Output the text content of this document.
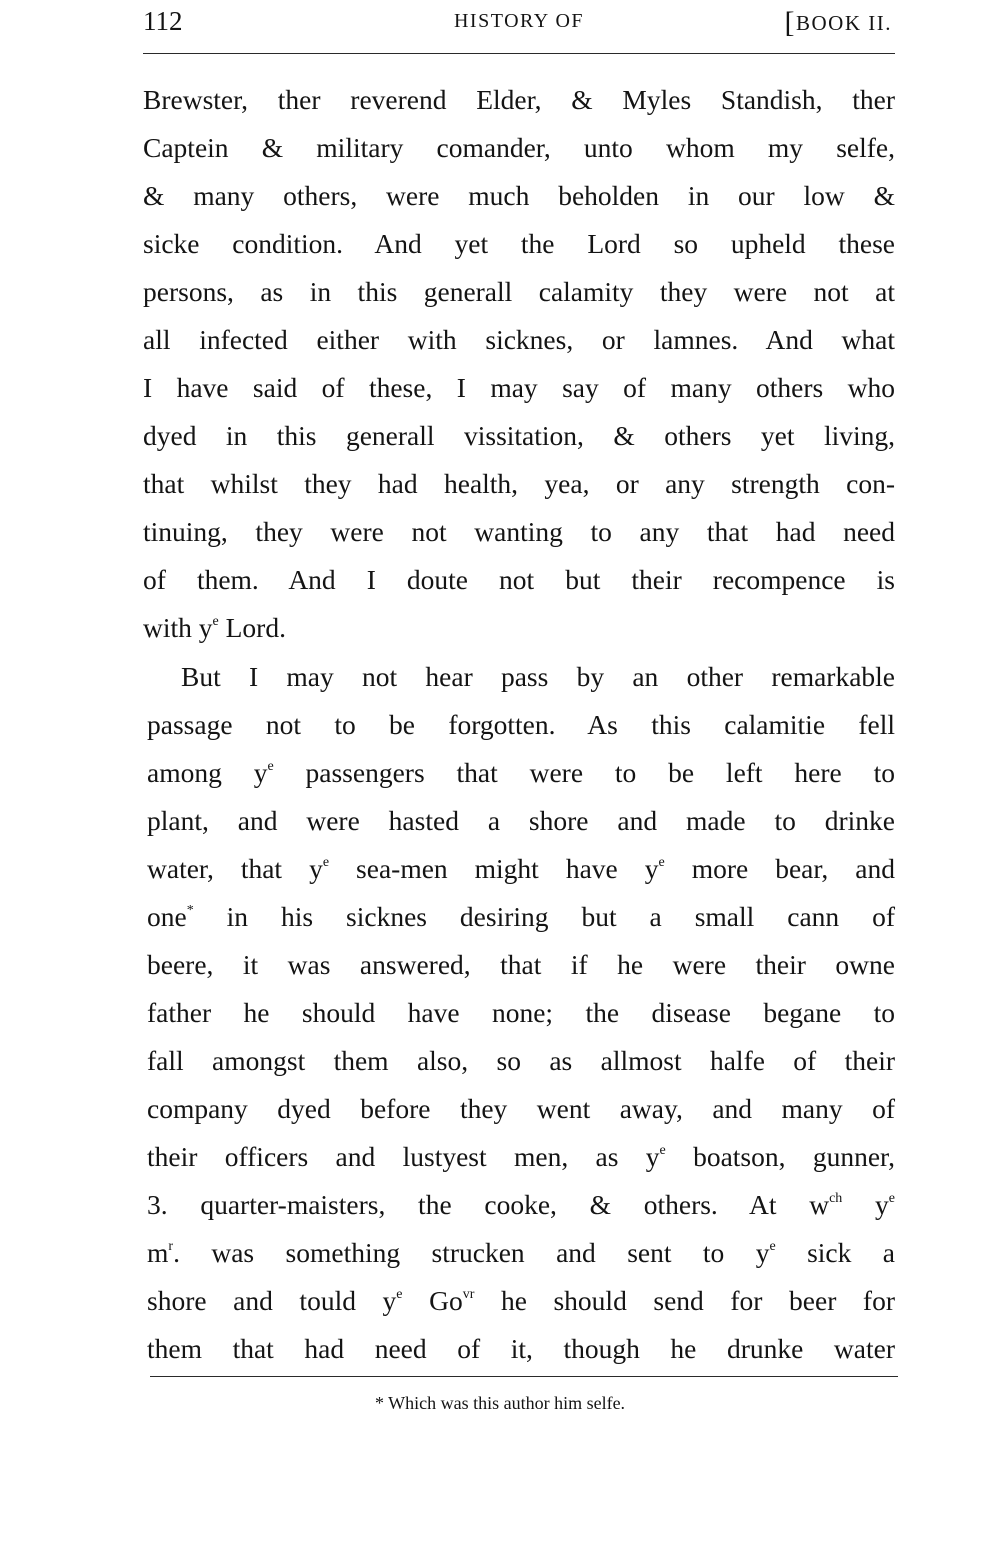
112	HISTORY OF	[BOOK II.
Brewster, ther reverend Elder, & Myles Standish, ther
Captein & military comander, unto whom my selfe,
& many others, were much beholden in our low &
sicke condition. And yet the Lord so upheld these
persons, as in this generall calamity they were not at
all infected either with sicknes, or lamnes. And what
I have said of these, I may say of many others who
dyed in this generall vissitation, & others yet living,
that whilst they had health, yea, or any strength con-
tinuing, they were not wanting to any that had need
of them. And I doute not but their recompence is
with $y^e$ Lord.
But I may not hear pass by an other remarkable
passage not to be forgotten. As this calamitie fell
among $y^e$ passengers that were to be left here to
plant, and were hasted a shore and made to drinke
water, that $y^e$ sea-men might have $y^e$ more bear, and
one* in his sicknes desiring but a small cann of
beere, it was answered, that if he were their owne
father he should have none; the disease begane to
fall amongst them also, so as allmost halfe of their
company dyed before they went away, and many of
their officers and lustyest men, as $y^e$ boatson, gunner,
3. quarter-maisters, the cooke, & others. At $w^{ch}$ $y^e$
$m^r$. was something strucken and sent to $y^e$ sick a
shore and tould $y^e$ $Go^{vr}$ he should send for beer for
them that had need of it, though he drunke water
* Which was this author him selfe.
